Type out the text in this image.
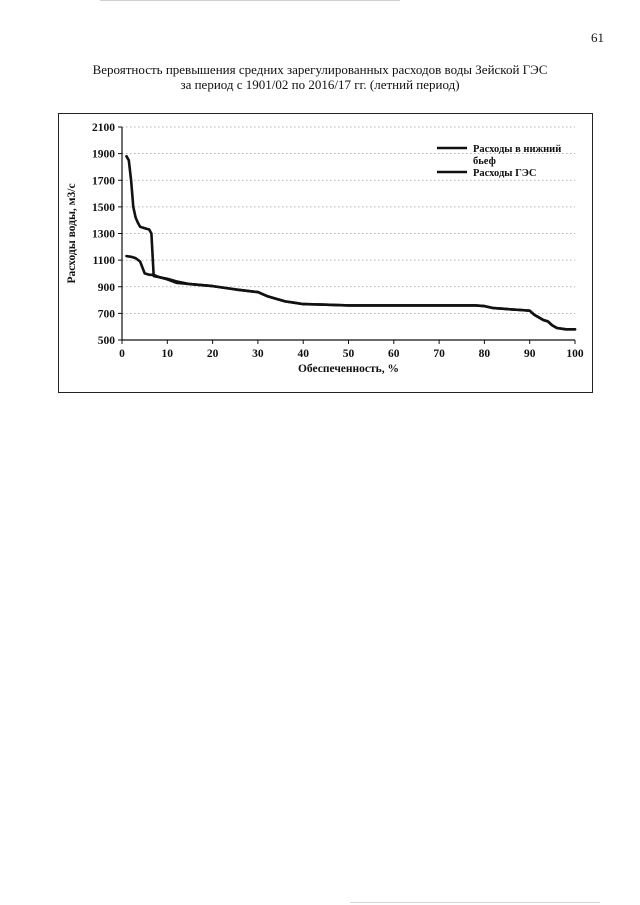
61
Вероятность превышения средних зарегулированных расходов воды Зейской ГЭС
за период с 1901/02 по 2016/17 гг. (летний период)
500
700
900
1100
1300
1500
1700
1900
2100
0	10	20	30	40	50	60	70	80	90	100
Обеспеченность, %
Расходы воды, м3/с
Расходы в нижний
бьеф
Расходы ГЭС
